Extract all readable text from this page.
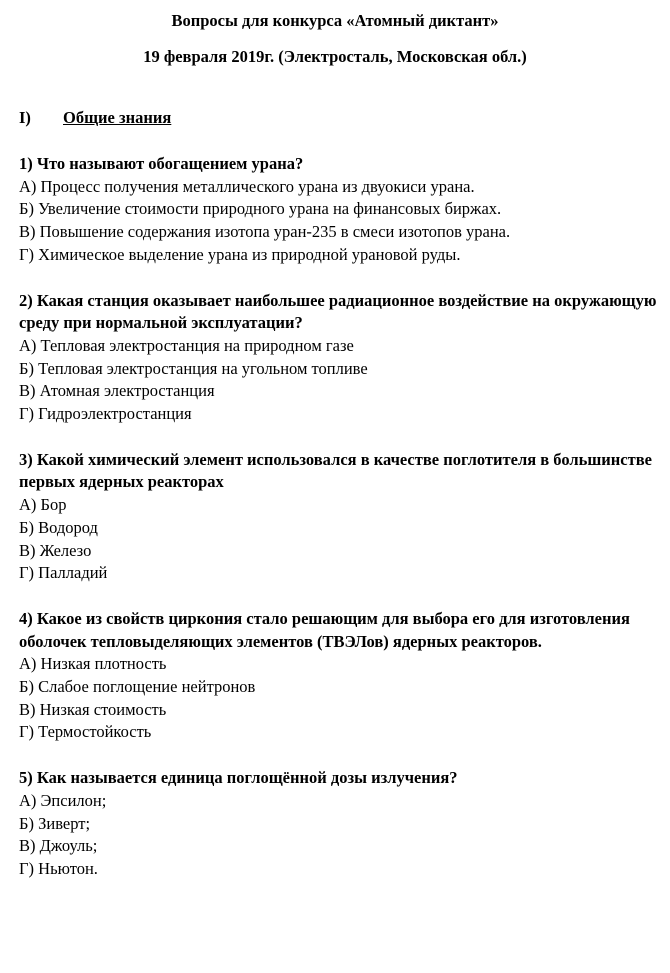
Вопросы для конкурса «Атомный диктант»
19 февраля 2019г. (Электросталь, Московская обл.)
I) Общие знания
1) Что называют обогащением урана?
А) Процесс получения металлического урана из двуокиси урана.
Б) Увеличение стоимости природного урана на финансовых биржах.
В) Повышение содержания изотопа уран-235 в смеси изотопов урана.
Г) Химическое выделение урана из природной урановой руды.
2) Какая станция оказывает наибольшее радиационное воздействие на окружающую среду при нормальной эксплуатации?
А) Тепловая электростанция на природном газе
Б) Тепловая электростанция на угольном топливе
В) Атомная электростанция
Г) Гидроэлектростанция
3) Какой химический элемент использовался в качестве поглотителя в большинстве первых ядерных реакторах
А) Бор
Б) Водород
В) Железо
Г) Палладий
4) Какое из свойств циркония стало решающим для выбора его для изготовления оболочек тепловыделяющих элементов (ТВЭЛов) ядерных реакторов.
А) Низкая плотность
Б) Слабое поглощение нейтронов
В) Низкая стоимость
Г) Термостойкость
5) Как называется единица поглощённой дозы излучения?
А) Эпсилон;
Б) Зиверт;
В) Джоуль;
Г) Ньютон.
